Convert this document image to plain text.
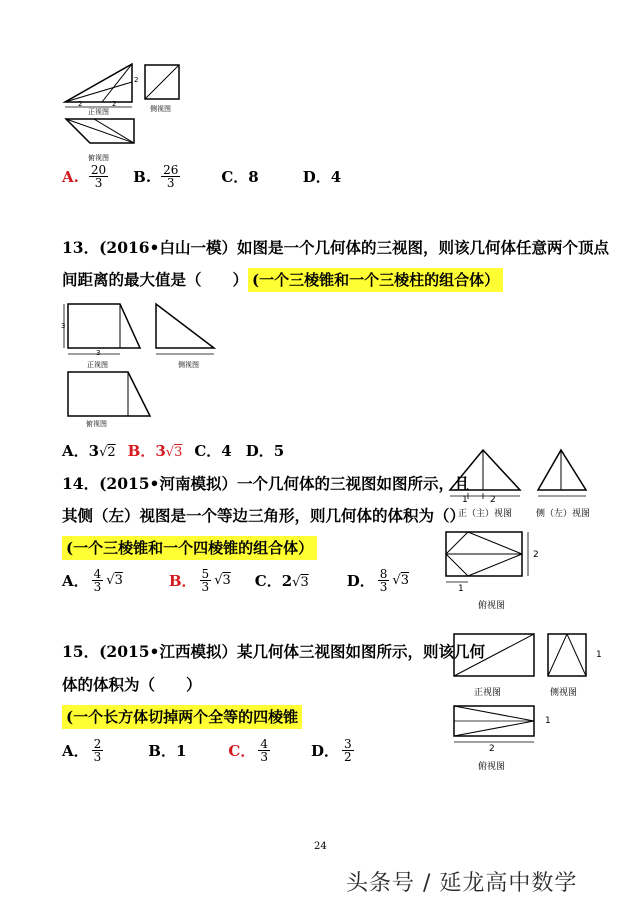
2	2
2
正视图	侧视图
俯视图
A. $\frac{20}{3} B$. $\frac{26}{3}$	C．8	D．4
13．(2016•白山一模）如图是一个几何体的三视图，则该几何体任意两个顶点
间距离的最大值是（　　） (一个三棱锥和一个三棱柱的组合体）
3
3
正视图	侧视图
俯视图
A．3√2 B．3√3 C．4 D．5
14．(2015•河南模拟）一个几何体的三视图如图所示，且
其侧（左）视图是一个等边三角形，则几何体的体积为（）
(一个三棱锥和一个四棱锥的组合体）
1 2
正（主）视图	侧（左）视图
2
1
俯视图
A． $\frac{4}{3} √3$	B． $\frac{5}{3} √3$ C．2√3	D． $\frac{8}{3} √3$
15．(2015•江西模拟）某几何体三视图如图所示，则该几何
体的体积为（　　）
(一个长方体切掉两个全等的四棱锥
正视图
1
侧视图
1
2
俯视图
A． $\frac{2}{3}$	B．1	C． $\frac{4}{3}$	D． $\frac{3}{2}$
24
头条号 / 延龙高中数学
